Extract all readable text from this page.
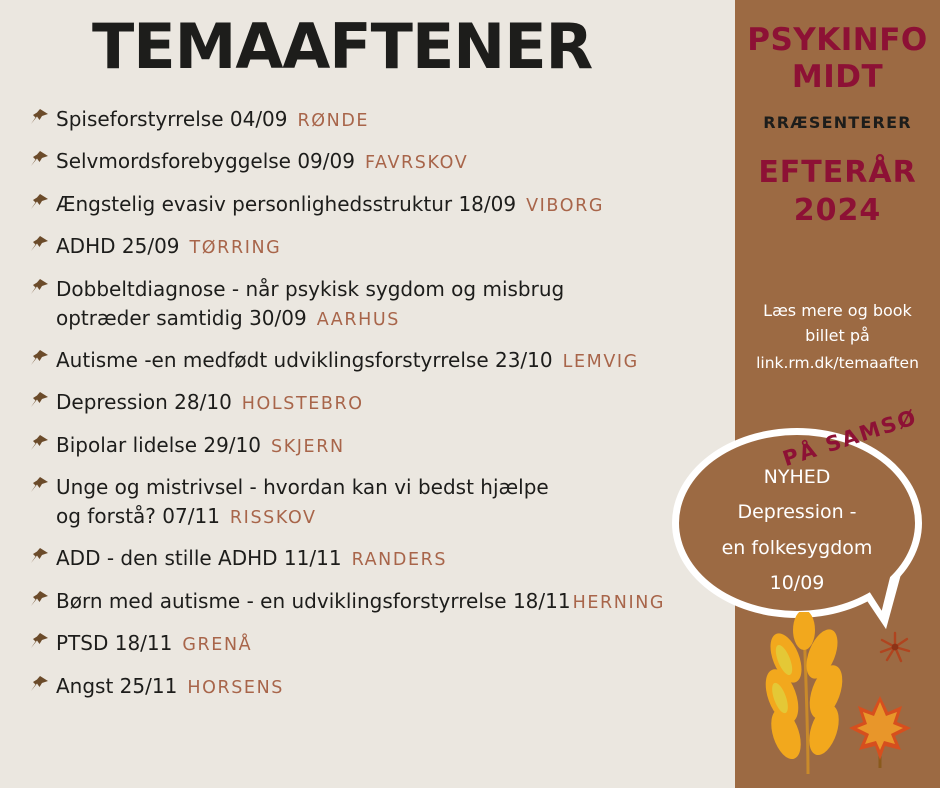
PSYKINFO
MIDT
RRÆSENTERER
EFTERÅR
2024
Læs mere og book billet på
link.rm.dk/temaaften
TEMAAFTENER
Spiseforstyrrelse 04/09 RØNDE
Selvmordsforebyggelse 09/09 FAVRSKOV
Ængstelig evasiv personlighedsstruktur 18/09 VIBORG
ADHD 25/09 TØRRING
Dobbeltdiagnose - når psykisk sygdom og misbrug
optræder samtidig 30/09 AARHUS
Autisme -en medfødt udviklingsforstyrrelse 23/10 LEMVIG
Depression 28/10 HOLSTEBRO
Bipolar lidelse 29/10 SKJERN
Unge og mistrivsel - hvordan kan vi bedst hjælpe
og forstå? 07/11 RISSKOV
ADD - den stille ADHD 11/11 RANDERS
Børn med autisme - en udviklingsforstyrrelse 18/11 HERNING
PTSD 18/11 GRENÅ
Angst 25/11 HORSENS
NYHED
Depression -
en folkesygdom
10/09
PÅ SAMSØ
